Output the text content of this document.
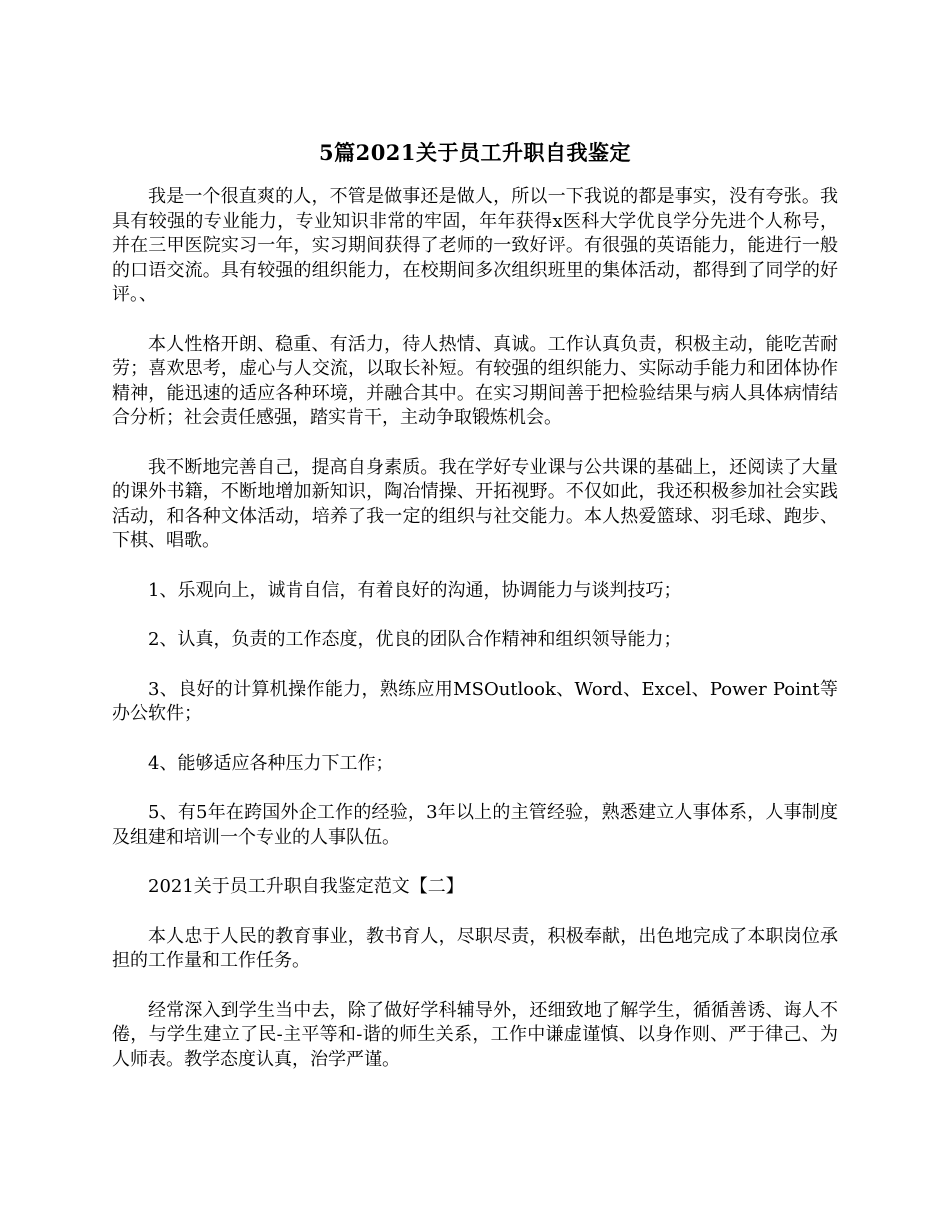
5篇2021关于员工升职自我鉴定

我是一个很直爽的人，不管是做事还是做人，所以一下我说的都是事实，没有夸张。我具有较强的专业能力，专业知识非常的牢固，年年获得x医科大学优良学分先进个人称号，并在三甲医院实习一年，实习期间获得了老师的一致好评。有很强的英语能力，能进行一般的口语交流。具有较强的组织能力，在校期间多次组织班里的集体活动，都得到了同学的好评。、

本人性格开朗、稳重、有活力，待人热情、真诚。工作认真负责，积极主动，能吃苦耐劳；喜欢思考，虚心与人交流，以取长补短。有较强的组织能力、实际动手能力和团体协作精神，能迅速的适应各种环境，并融合其中。在实习期间善于把检验结果与病人具体病情结合分析；社会责任感强，踏实肯干，主动争取锻炼机会。

我不断地完善自己，提高自身素质。我在学好专业课与公共课的基础上，还阅读了大量的课外书籍，不断地增加新知识，陶冶情操、开拓视野。不仅如此，我还积极参加社会实践活动，和各种文体活动，培养了我一定的组织与社交能力。本人热爱篮球、羽毛球、跑步、下棋、唱歌。

1、乐观向上，诚肯自信，有着良好的沟通，协调能力与谈判技巧；

2、认真，负责的工作态度，优良的团队合作精神和组织领导能力；

3、良好的计算机操作能力，熟练应用MSOutlook、Word、Excel、Power Point等办公软件；

4、能够适应各种压力下工作；

5、有5年在跨国外企工作的经验，3年以上的主管经验，熟悉建立人事体系，人事制度及组建和培训一个专业的人事队伍。

2021关于员工升职自我鉴定范文【二】

本人忠于人民的教育事业，教书育人，尽职尽责，积极奉献，出色地完成了本职岗位承担的工作量和工作任务。

经常深入到学生当中去，除了做好学科辅导外，还细致地了解学生，循循善诱、诲人不倦，与学生建立了民-主平等和-谐的师生关系，工作中谦虚谨慎、以身作则、严于律己、为人师表。教学态度认真，治学严谨。
